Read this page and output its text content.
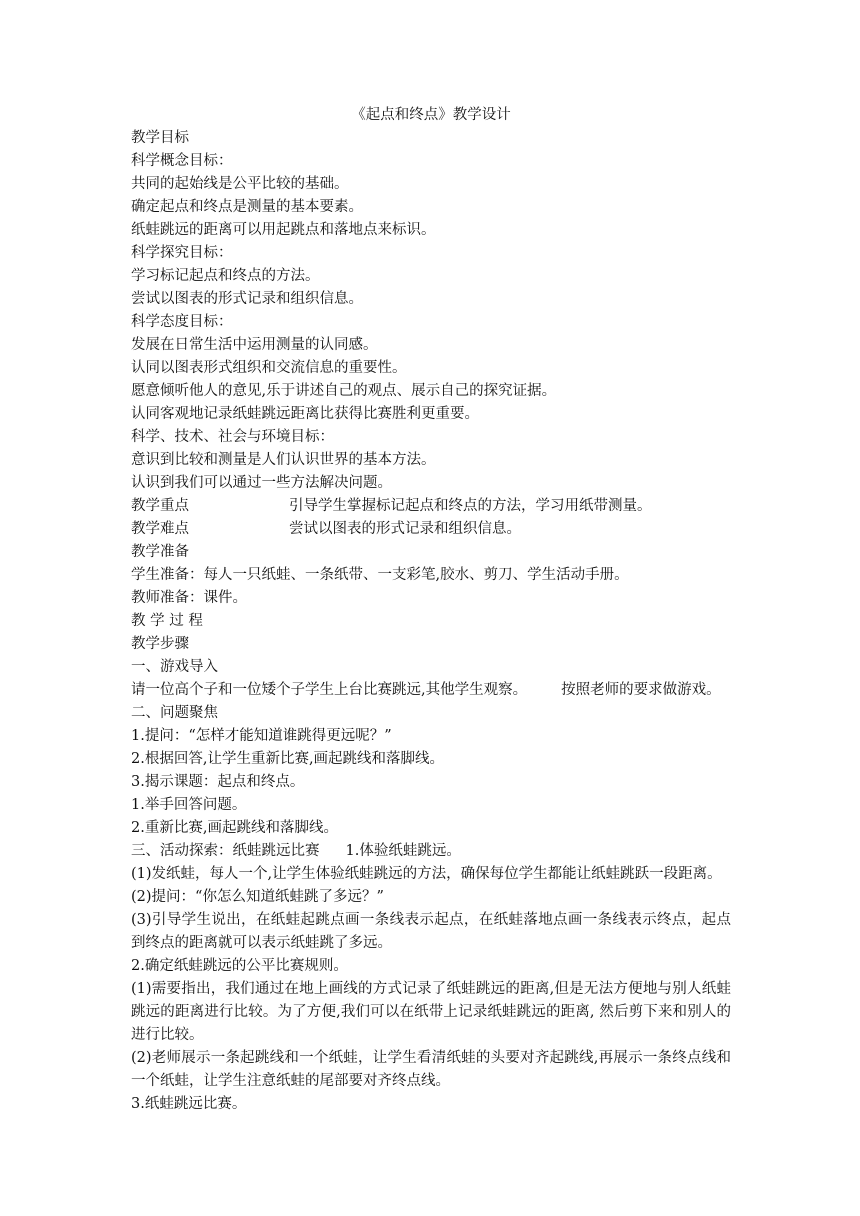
《起点和终点》教学设计
教学目标
科学概念目标：
共同的起始线是公平比较的基础。
确定起点和终点是测量的基本要素。
纸蛙跳远的距离可以用起跳点和落地点来标识。
科学探究目标：
学习标记起点和终点的方法。
尝试以图表的形式记录和组织信息。
科学态度目标：
发展在日常生活中运用测量的认同感。
认同以图表形式组织和交流信息的重要性。
愿意倾听他人的意见,乐于讲述自己的观点、展示自己的探究证据。
认同客观地记录纸蛙跳远距离比获得比赛胜利更重要。
科学、技术、社会与环境目标：
意识到比较和测量是人们认识世界的基本方法。
认识到我们可以通过一些方法解决问题。
教学重点	引导学生掌握标记起点和终点的方法，学习用纸带测量。
教学难点	尝试以图表的形式记录和组织信息。
教学准备
学生准备：每人一只纸蛙、一条纸带、一支彩笔,胶水、剪刀、学生活动手册。
教师准备：课件。
教 学 过 程
教学步骤
一、游戏导入
请一位高个子和一位矮个子学生上台比赛跳远,其他学生观察。 按照老师的要求做游戏。
二、问题聚焦
1.提问：“怎样才能知道谁跳得更远呢？”
2.根据回答,让学生重新比赛,画起跳线和落脚线。
3.揭示课题：起点和终点。
1.举手回答问题。
2.重新比赛,画起跳线和落脚线。
三、活动探索：纸蛙跳远比赛 1.体验纸蛙跳远。
(1)发纸蛙，每人一个,让学生体验纸蛙跳远的方法，确保每位学生都能让纸蛙跳跃一段距离。
(2)提问：“你怎么知道纸蛙跳了多远？”
(3)引导学生说出，在纸蛙起跳点画一条线表示起点，在纸蛙落地点画一条线表示终点，起点到终点的距离就可以表示纸蛙跳了多远。
2.确定纸蛙跳远的公平比赛规则。
(1)需要指出，我们通过在地上画线的方式记录了纸蛙跳远的距离,但是无法方便地与别人纸蛙跳远的距离进行比较。为了方便,我们可以在纸带上记录纸蛙跳远的距离, 然后剪下来和别人的进行比较。
(2)老师展示一条起跳线和一个纸蛙，让学生看清纸蛙的头要对齐起跳线,再展示一条终点线和一个纸蛙，让学生注意纸蛙的尾部要对齐终点线。
3.纸蛙跳远比赛。
